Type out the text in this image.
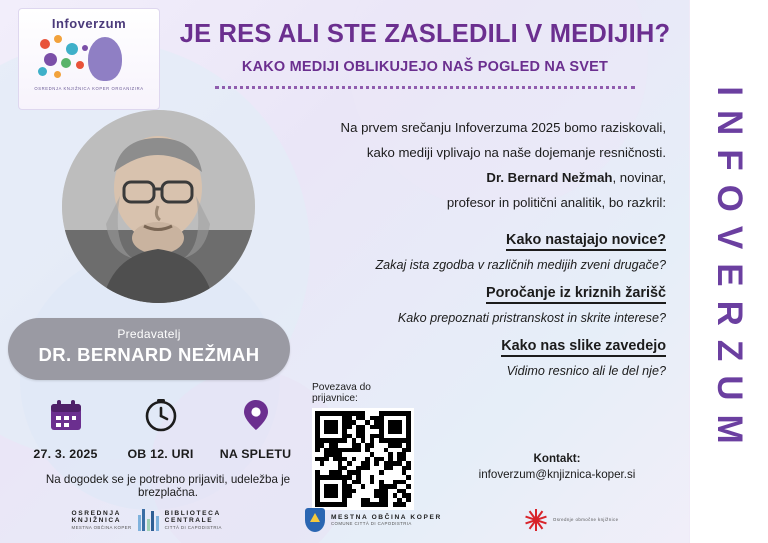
Infoverzum
OSREDNJA KNJIŽNICA KOPER ORGANIZIRA
JE RES ALI STE ZASLEDILI V MEDIJIH?
KAKO MEDIJI OBLIKUJEJO NAŠ POGLED NA SVET
INFOVERZUM

Na prvem srečanju Infoverzuma 2025 bomo raziskovali,

kako mediji vplivajo na naše dojemanje resničnosti.

Dr. Bernard Nežmah, novinar,

profesor in politični analitik, bo razkril:

Kako nastajajo novice?
Zakaj ista zgodba v različnih medijih zveni drugače?
Poročanje iz kriznih žarišč
Kako prepoznati pristranskost in skrite interese?
Kako nas slike zavedejo
Vidimo resnico ali le del nje?
Predavatelj
DR. BERNARD NEŽMAH
27. 3. 2025	OB 12. URI	NA SPLETU
Na dogodek se je potrebno prijaviti, udeležba je brezplačna.
Povezava do prijavnice:
Kontakt:
infoverzum@knjiznica-koper.si
OSREDNJA
KNJIŽNICA
MESTNA OBČINA KOPER
BIBLIOTECA
CENTRALE
CITTÀ DI CAPODISTRIA
MESTNA OBČINA KOPER
COMUNE CITTÀ DI CAPODISTRIA
Osrednje območne knjižnice
